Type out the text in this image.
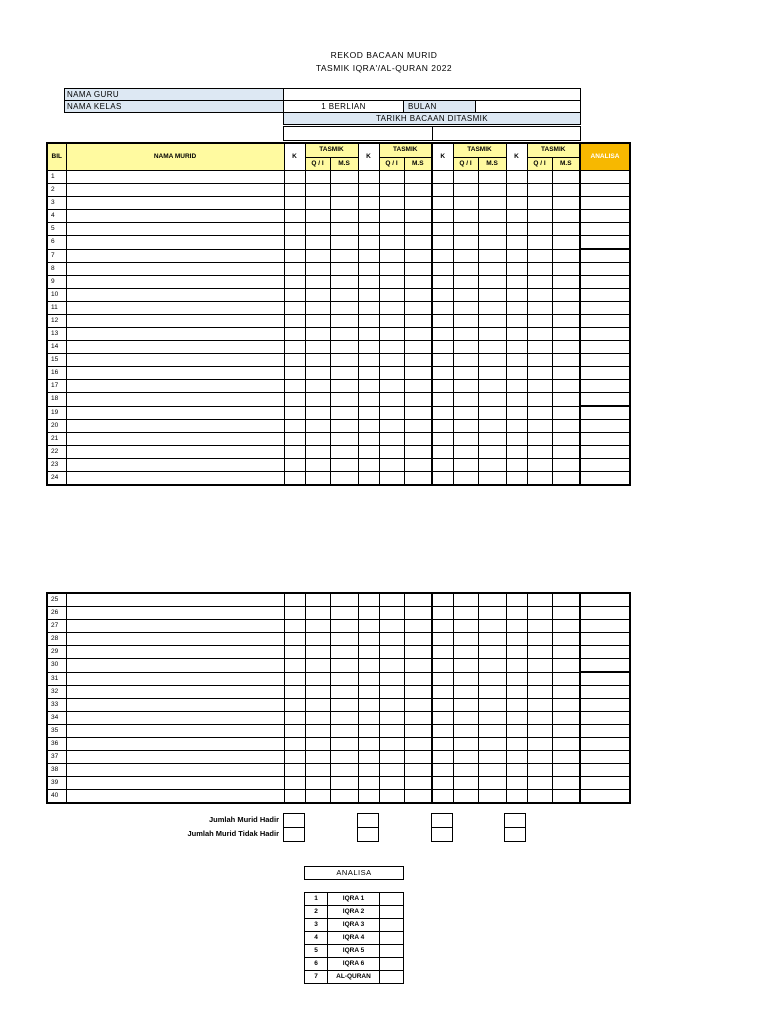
REKOD BACAAN MURID
TASMIK IQRA'/AL-QURAN 2022
NAMA GURU			
NAMA KELAS	1 BERLIAN	BULAN	
	TARIKH BACAAN DITASMIK		
BIL	NAMA MURID	K	TASMIK		K	TASMIK		K	TASMIK		K	TASMIK		ANALISA
			Q / I	M.S		Q / I	M.S		Q / I	M.S		Q / I	M.S	
1														
2														
3														
4														
5														
6														
7														
8														
9														
10														
11														
12														
13														
14														
15														
16														
17														
18														
19														
20														
21														
22														
23														
24														
25														
26														
27														
28														
29														
30														
31														
32														
33														
34														
35														
36														
37														
38														
39														
40														
Jumlah Murid Hadir
Jumlah Murid Tidak Hadir
ANALISA
1	IQRA 1	
2	IQRA 2	
3	IQRA 3	
4	IQRA 4	
5	IQRA 5	
6	IQRA 6	
7	AL-QURAN	
